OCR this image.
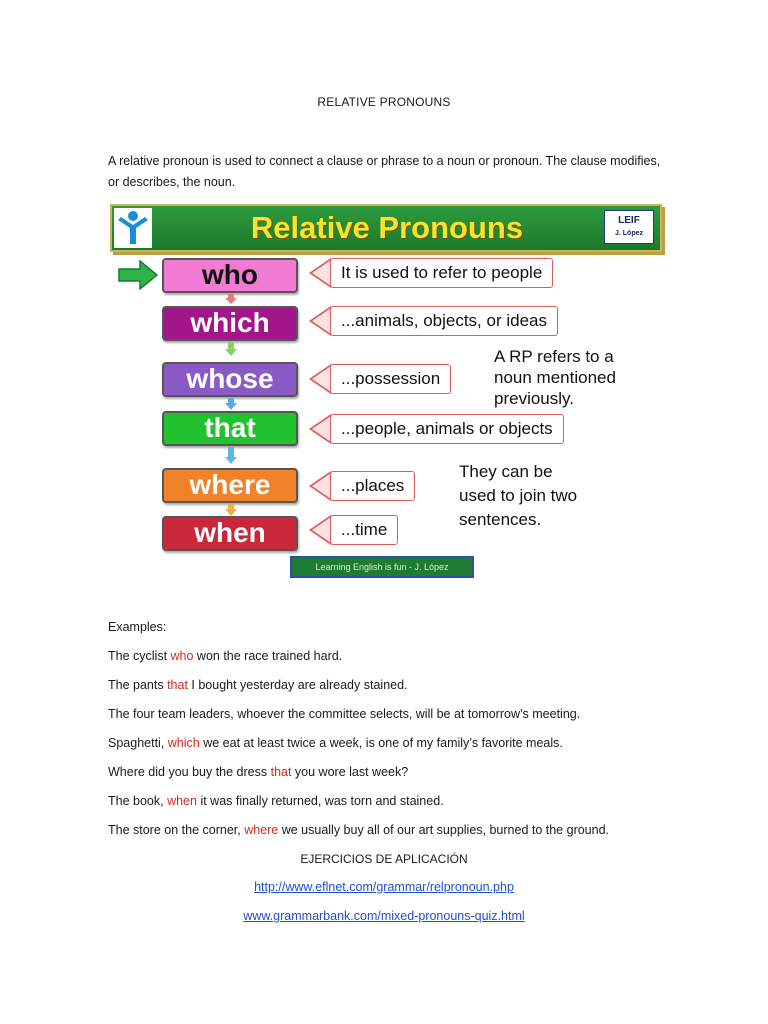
RELATIVE PRONOUNS
A relative pronoun is used to connect a clause or phrase to a noun or pronoun. The clause modifies, or describes, the noun.
Relative Pronouns	LEIF
J. López
who
which
whose
that
where
when
It is used to refer to people
...animals, objects, or ideas
...possession
...people, animals or objects
...places
...time
A RP refers to a
noun mentioned
previously.
They can be
used to join two
sentences.
Learning English is fun - J. López
Examples:
The cyclist who won the race trained hard.
The pants that I bought yesterday are already stained.
The four team leaders, whoever the committee selects, will be at tomorrow’s meeting.
Spaghetti, which we eat at least twice a week, is one of my family’s favorite meals.
Where did you buy the dress that you wore last week?
The book, when it was finally returned, was torn and stained.
The store on the corner, where we usually buy all of our art supplies, burned to the ground.
EJERCICIOS DE APLICACIÓN
http://www.eflnet.com/grammar/relpronoun.php
www.grammarbank.com/mixed-pronouns-quiz.html
